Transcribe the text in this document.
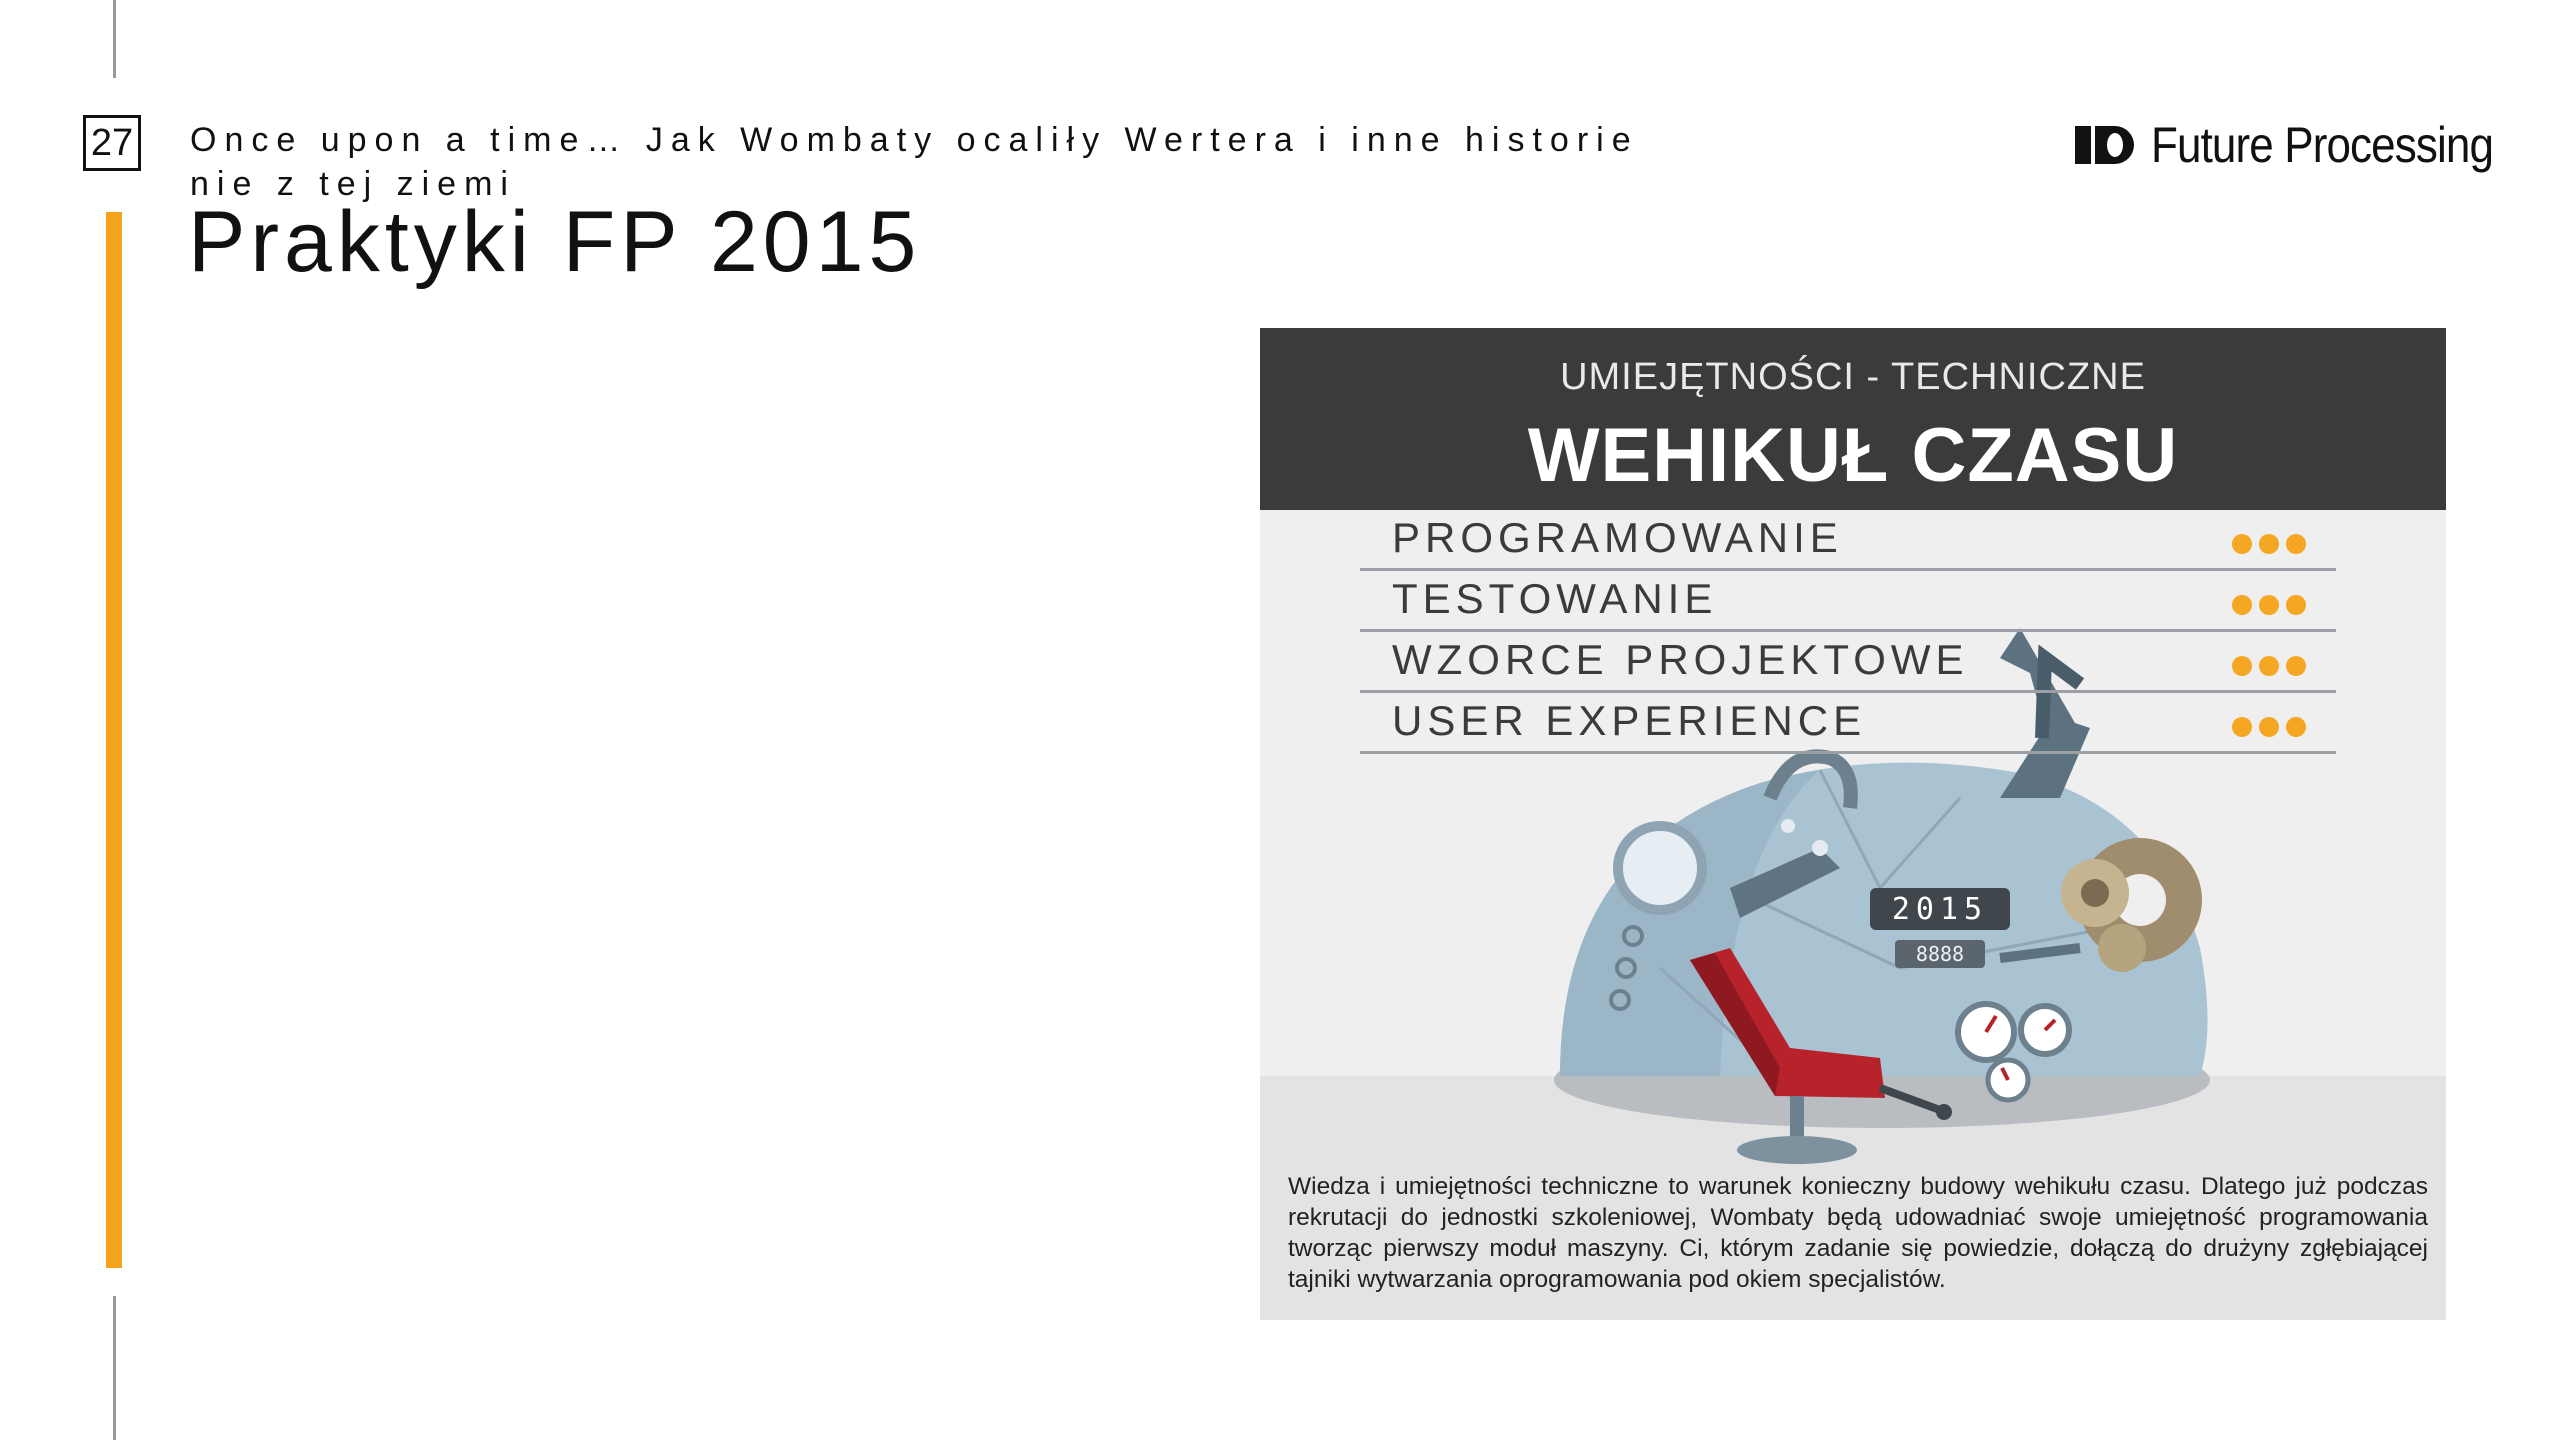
27 Once upon a time… Jak Wombaty ocaliły Wertera i inne historie nie z tej ziemi
Praktyki FP 2015
Future Processing
UMIEJĘTNOŚCI - TECHNICZNE
WEHIKUŁ CZASU
2015
8888
PROGRAMOWANIE
TESTOWANIE
WZORCE PROJEKTOWE
USER EXPERIENCE
Wiedza i umiejętności techniczne to warunek konieczny budowy wehikułu czasu. Dlatego już podczas rekrutacji do jednostki szkoleniowej, Wombaty będą udowadniać swoje umiejętność programowania tworząc pierwszy moduł maszyny. Ci, którym zadanie się powiedzie, dołączą do drużyny zgłębiającej tajniki wytwarzania oprogramowania pod okiem specjalistów.
